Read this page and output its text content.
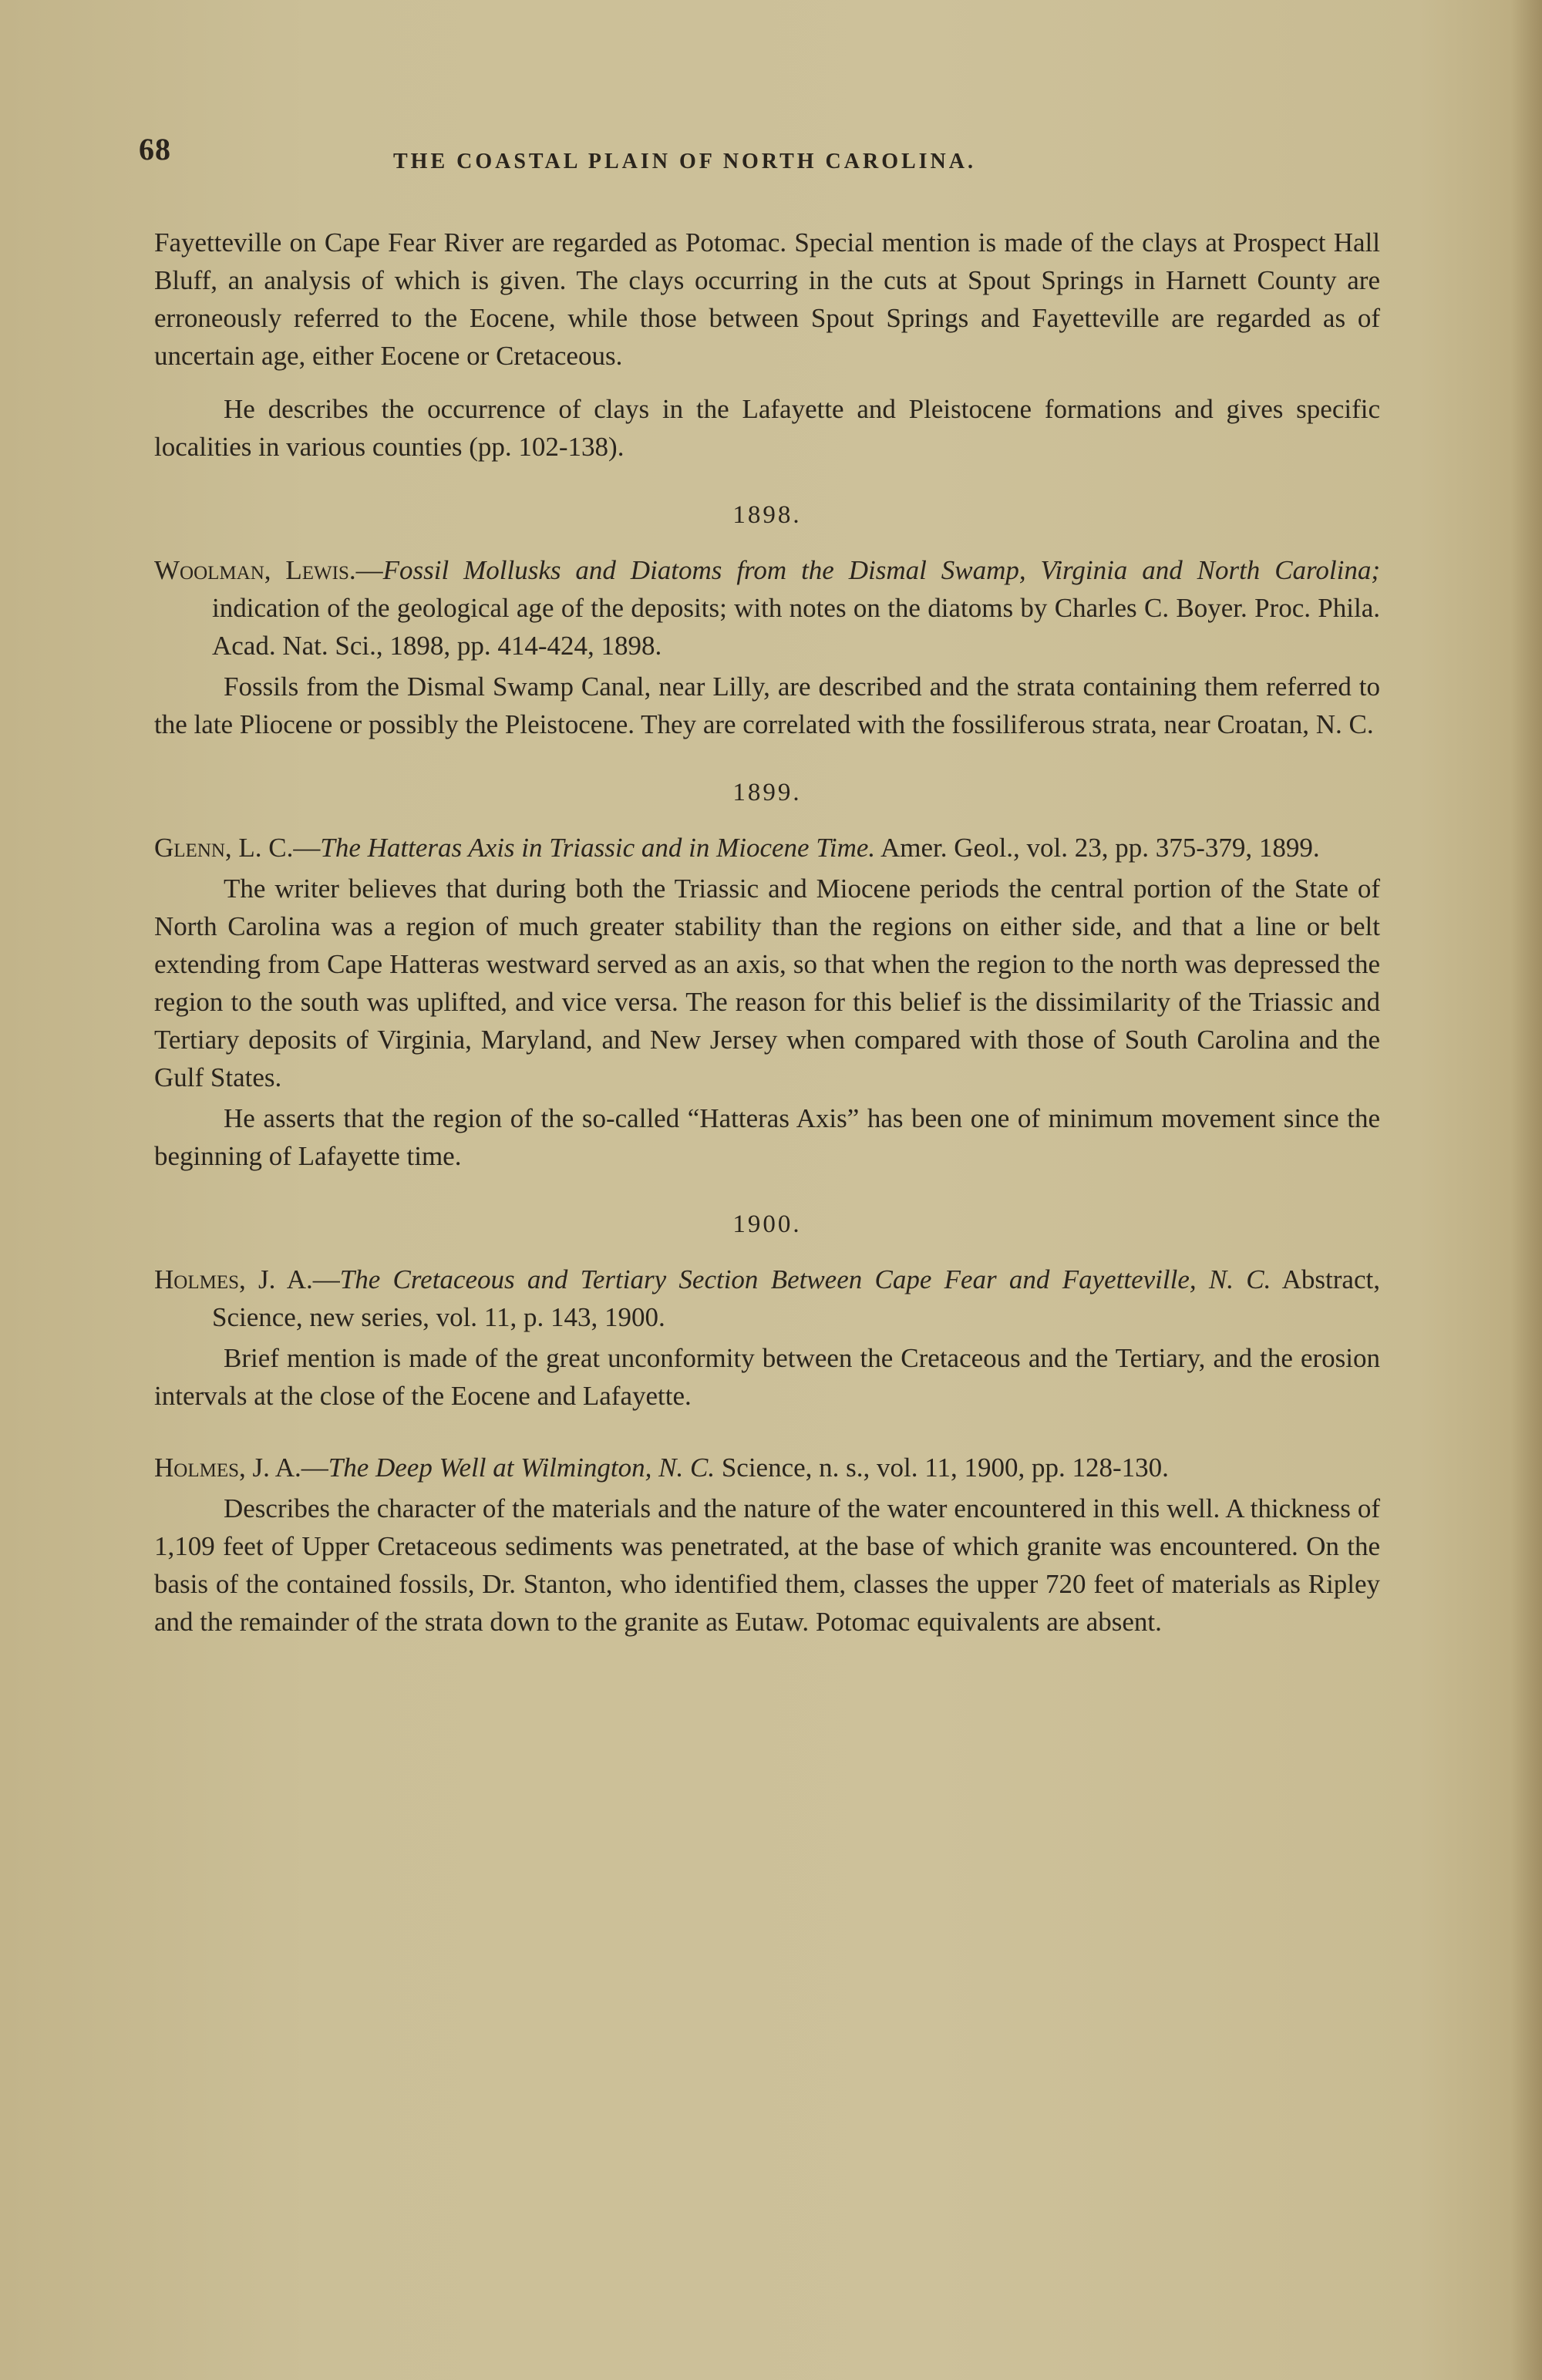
68	THE COASTAL PLAIN OF NORTH CAROLINA.

Fayetteville on Cape Fear River are regarded as Potomac. Special mention is made of the clays at Prospect Hall Bluff, an analysis of which is given. The clays occurring in the cuts at Spout Springs in Harnett County are erroneously referred to the Eocene, while those between Spout Springs and Fayetteville are regarded as of uncertain age, either Eocene or Cretaceous.

He describes the occurrence of clays in the Lafayette and Pleistocene formations and gives specific localities in various counties (pp. 102-138).

1898.

Woolman, Lewis.—Fossil Mollusks and Diatoms from the Dismal Swamp, Virginia and North Carolina; indication of the geological age of the deposits; with notes on the diatoms by Charles C. Boyer. Proc. Phila. Acad. Nat. Sci., 1898, pp. 414-424, 1898.

Fossils from the Dismal Swamp Canal, near Lilly, are described and the strata containing them referred to the late Pliocene or possibly the Pleistocene. They are correlated with the fossiliferous strata, near Croatan, N. C.

1899.

Glenn, L. C.—The Hatteras Axis in Triassic and in Miocene Time. Amer. Geol., vol. 23, pp. 375-379, 1899.

The writer believes that during both the Triassic and Miocene periods the central portion of the State of North Carolina was a region of much greater stability than the regions on either side, and that a line or belt extending from Cape Hatteras westward served as an axis, so that when the region to the north was depressed the region to the south was uplifted, and vice versa. The reason for this belief is the dissimilarity of the Triassic and Tertiary deposits of Virginia, Maryland, and New Jersey when compared with those of South Carolina and the Gulf States.

He asserts that the region of the so-called “Hatteras Axis” has been one of minimum movement since the beginning of Lafayette time.

1900.

Holmes, J. A.—The Cretaceous and Tertiary Section Between Cape Fear and Fayetteville, N. C. Abstract, Science, new series, vol. 11, p. 143, 1900.

Brief mention is made of the great unconformity between the Cretaceous and the Tertiary, and the erosion intervals at the close of the Eocene and Lafayette.

Holmes, J. A.—The Deep Well at Wilmington, N. C. Science, n. s., vol. 11, 1900, pp. 128-130.

Describes the character of the materials and the nature of the water encountered in this well. A thickness of 1,109 feet of Upper Cretaceous sediments was penetrated, at the base of which granite was encountered. On the basis of the contained fossils, Dr. Stanton, who identified them, classes the upper 720 feet of materials as Ripley and the remainder of the strata down to the granite as Eutaw. Potomac equivalents are absent.
